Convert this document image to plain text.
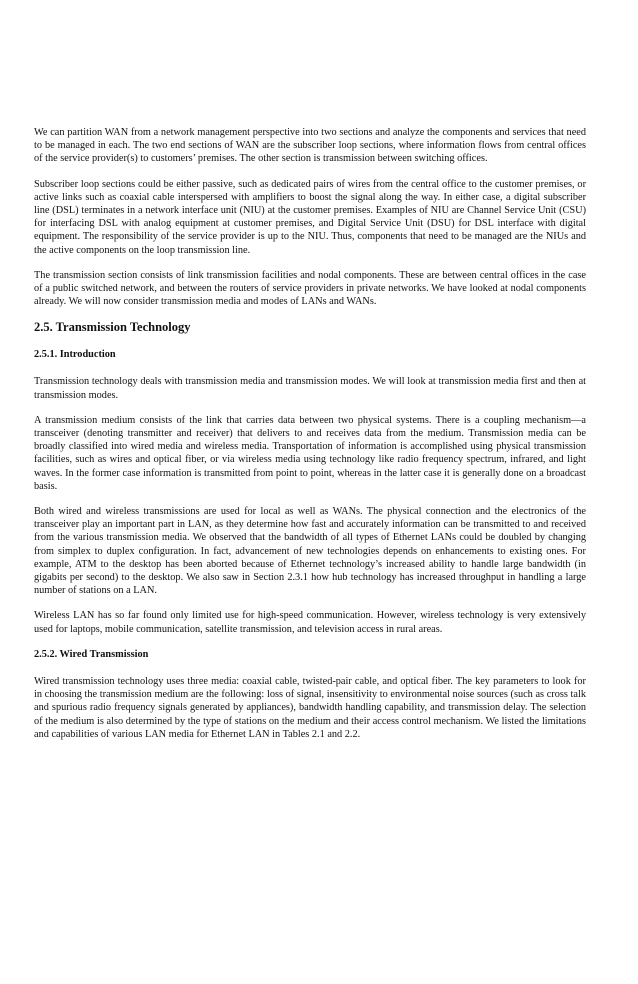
We can partition WAN from a network management perspective into two sections and analyze the components and services that need to be managed in each. The two end sections of WAN are the subscriber loop sections, where information flows from central offices of the service provider(s) to customers’ premises. The other section is transmission between switching offices.

Subscriber loop sections could be either passive, such as dedicated pairs of wires from the central office to the customer premises, or active links such as coaxial cable interspersed with amplifiers to boost the signal along the way. In either case, a digital subscriber line (DSL) terminates in a network interface unit (NIU) at the customer premises. Examples of NIU are Channel Service Unit (CSU) for interfacing DSL with analog equipment at customer premises, and Digital Service Unit (DSU) for DSL interface with digital equipment. The responsibility of the service provider is up to the NIU. Thus, components that need to be managed are the NIUs and the active components on the loop transmission line.

The transmission section consists of link transmission facilities and nodal components. These are between central offices in the case of a public switched network, and between the routers of service providers in private networks. We have looked at nodal components already. We will now consider transmission media and modes of LANs and WANs.

2.5. Transmission Technology
2.5.1. Introduction

Transmission technology deals with transmission media and transmission modes. We will look at transmission media first and then at transmission modes.

A transmission medium consists of the link that carries data between two physical systems. There is a coupling mechanism—a transceiver (denoting transmitter and receiver) that delivers to and receives data from the medium. Transmission media can be broadly classified into wired media and wireless media. Transportation of information is accomplished using physical transmission facilities, such as wires and optical fiber, or via wireless media using technology like radio frequency spectrum, infrared, and light waves. In the former case information is transmitted from point to point, whereas in the latter case it is generally done on a broadcast basis.

Both wired and wireless transmissions are used for local as well as WANs. The physical connection and the electronics of the transceiver play an important part in LAN, as they determine how fast and accurately information can be transmitted to and received from the various transmission media. We observed that the bandwidth of all types of Ethernet LANs could be doubled by changing from simplex to duplex configuration. In fact, advancement of new technologies depends on enhancements to existing ones. For example, ATM to the desktop has been aborted because of Ethernet technology’s increased ability to handle large bandwidth (in gigabits per second) to the desktop. We also saw in Section 2.3.1 how hub technology has increased throughput in handling a large number of stations on a LAN.

Wireless LAN has so far found only limited use for high-speed communication. However, wireless technology is very extensively used for laptops, mobile communication, satellite transmission, and television access in rural areas.

2.5.2. Wired Transmission

Wired transmission technology uses three media: coaxial cable, twisted-pair cable, and optical fiber. The key parameters to look for in choosing the transmission medium are the following: loss of signal, insensitivity to environmental noise sources (such as cross talk and spurious radio frequency signals generated by appliances), bandwidth handling capability, and transmission delay. The selection of the medium is also determined by the type of stations on the medium and their access control mechanism. We listed the limitations and capabilities of various LAN media for Ethernet LAN in Tables 2.1 and 2.2.
